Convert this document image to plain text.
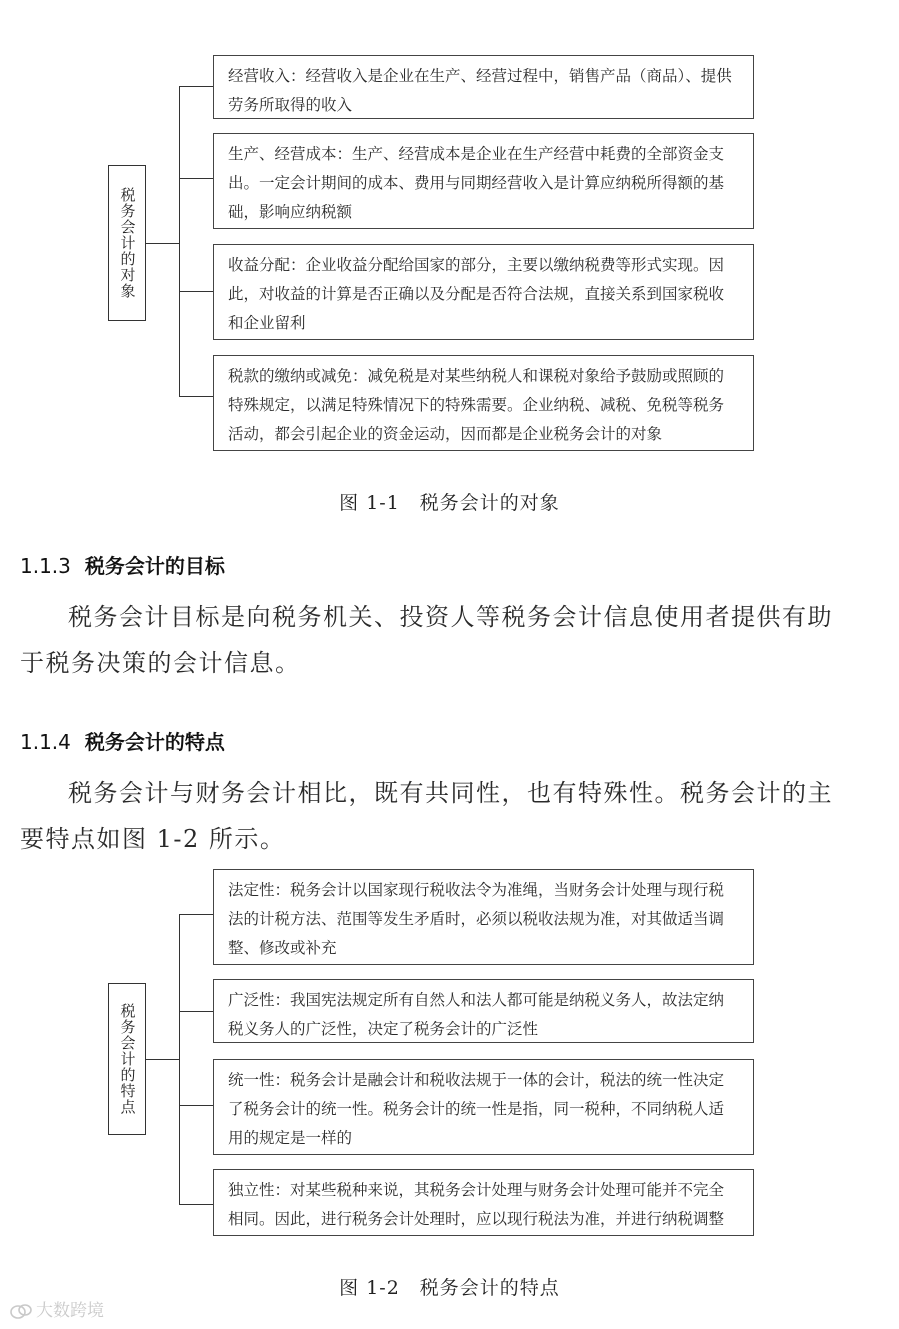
税务会计的对象
经营收入：经营收入是企业在生产、经营过程中，销售产品（商品）、提供劳务所取得的收入
生产、经营成本：生产、经营成本是企业在生产经营中耗费的全部资金支出。一定会计期间的成本、费用与同期经营收入是计算应纳税所得额的基础，影响应纳税额
收益分配：企业收益分配给国家的部分，主要以缴纳税费等形式实现。因此，对收益的计算是否正确以及分配是否符合法规，直接关系到国家税收和企业留利
税款的缴纳或减免：减免税是对某些纳税人和课税对象给予鼓励或照顾的特殊规定，以满足特殊情况下的特殊需要。企业纳税、减税、免税等税务活动，都会引起企业的资金运动，因而都是企业税务会计的对象
图 1-1　税务会计的对象
1.1.3 税务会计的目标
税务会计目标是向税务机关、投资人等税务会计信息使用者提供有助于税务决策的会计信息。
1.1.4 税务会计的特点
税务会计与财务会计相比，既有共同性，也有特殊性。税务会计的主要特点如图 1-2 所示。
税务会计的特点
法定性：税务会计以国家现行税收法令为准绳，当财务会计处理与现行税法的计税方法、范围等发生矛盾时，必须以税收法规为准，对其做适当调整、修改或补充
广泛性：我国宪法规定所有自然人和法人都可能是纳税义务人，故法定纳税义务人的广泛性，决定了税务会计的广泛性
统一性：税务会计是融会计和税收法规于一体的会计，税法的统一性决定了税务会计的统一性。税务会计的统一性是指，同一税种，不同纳税人适用的规定是一样的
独立性：对某些税种来说，其税务会计处理与财务会计处理可能并不完全相同。因此，进行税务会计处理时，应以现行税法为准，并进行纳税调整
图 1-2　税务会计的特点
大数跨境
